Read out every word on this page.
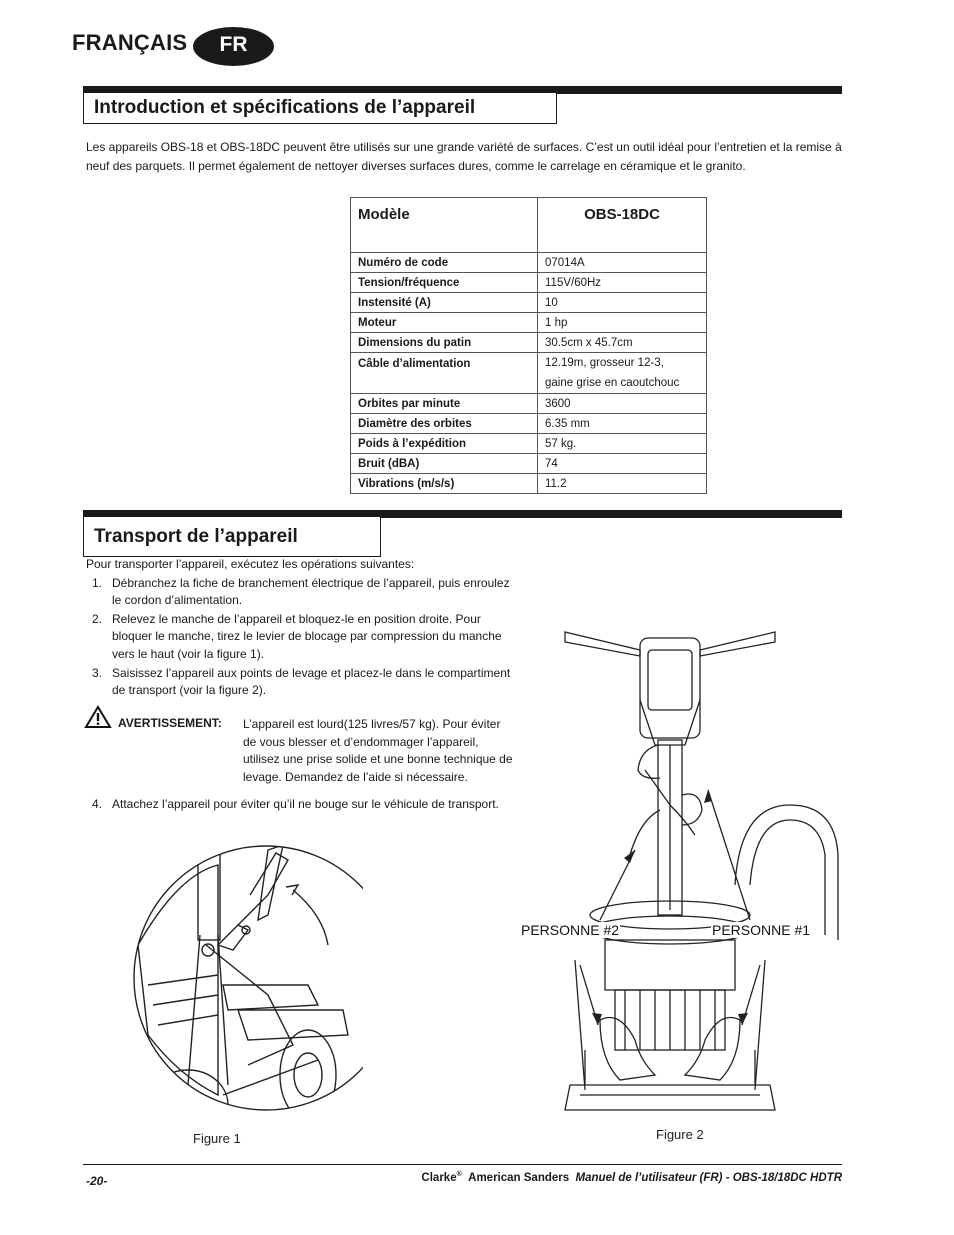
FRANÇAIS	FR
Introduction et spécifications de l’appareil
Les appareils OBS-18 et OBS-18DC peuvent être utilisés sur une grande variété de surfaces. C’est un outil idéal pour l’entretien et la remise à neuf des parquets. Il permet également de nettoyer diverses surfaces dures, comme le carrelage en céramique et le granito.
Modèle	OBS-18DC
Numéro de code	07014A
Tension/fréquence	115V/60Hz
Instensité (A)	10
Moteur	1 hp
Dimensions du patin	30.5cm x 45.7cm
Câble d’alimentation	12.19m, grosseur 12-3,
gaine grise en caoutchouc

Orbites par minute	3600
Diamètre des orbites	6.35 mm
Poids à l’expédition	57 kg.
Bruit (dBA)	74
Vibrations (m/s/s)	11.2
Transport de l’appareil
Pour transporter l’appareil, exécutez les opérations suivantes:
1. Débranchez la fiche de branchement électrique de l’appareil, puis enroulez le cordon d’alimentation.
2. Relevez le manche de l’appareil et bloquez-le en position droite. Pour bloquer le manche, tirez le levier de blocage par compression du manche vers le haut (voir la figure 1).
3. Saisissez l’appareil aux points de levage et placez-le dans le compartiment de transport (voir la figure 2).
AVERTISSEMENT: L’appareil est lourd(125 livres/57 kg). Pour éviter de vous blesser et d’endommager l’appareil, utilisez une prise solide et une bonne technique de levage. Demandez de l’aide si nécessaire.
4. Attachez l’appareil pour éviter qu’il ne bouge sur le véhicule de transport.
Figure 1
PERSONNE #2	PERSONNE #1
Figure 2
-20-	Clarke® American Sanders Manuel de l’utilisateur (FR) - OBS-18/18DC HDTR
